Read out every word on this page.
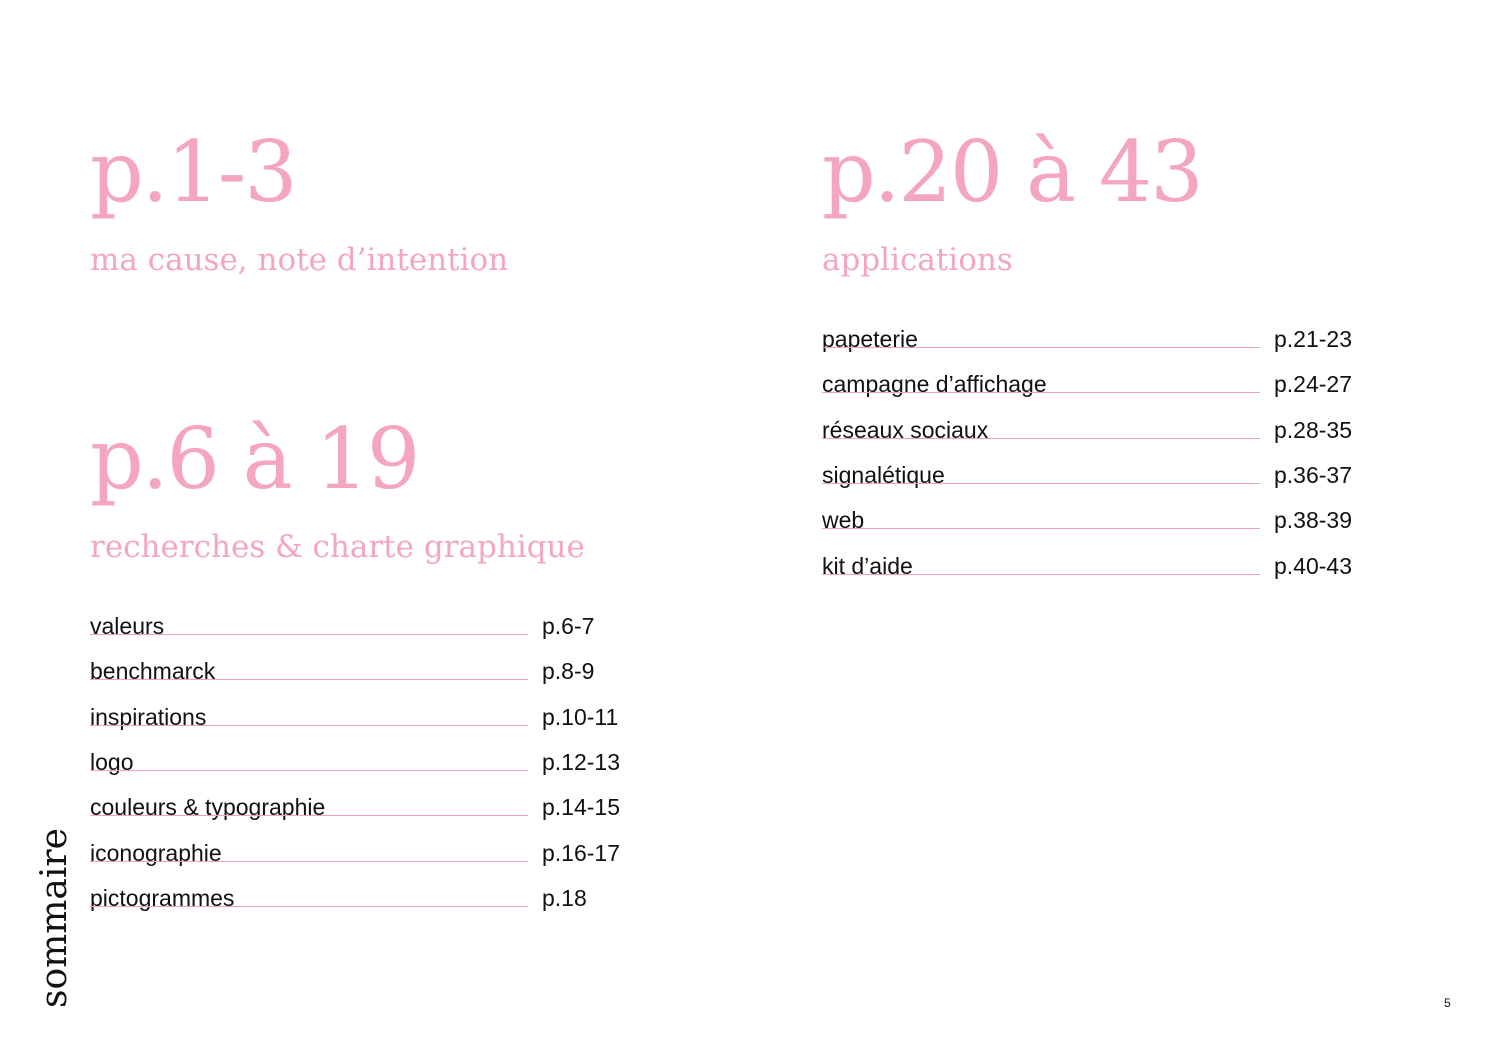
p.1-3
ma cause, note d’intention
p.6 à 19
recherches & charte graphique
valeurs	p.6-7
benchmarck	p.8-9
inspirations	p.10-11
logo	p.12-13
couleurs & typographie	p.14-15
iconographie	p.16-17
pictogrammes	p.18
p.20 à 43
applications
papeterie	p.21-23
campagne d’affichage	p.24-27
réseaux sociaux	p.28-35
signalétique	p.36-37
web	p.38-39
kit d’aide	p.40-43

sommaire	5
